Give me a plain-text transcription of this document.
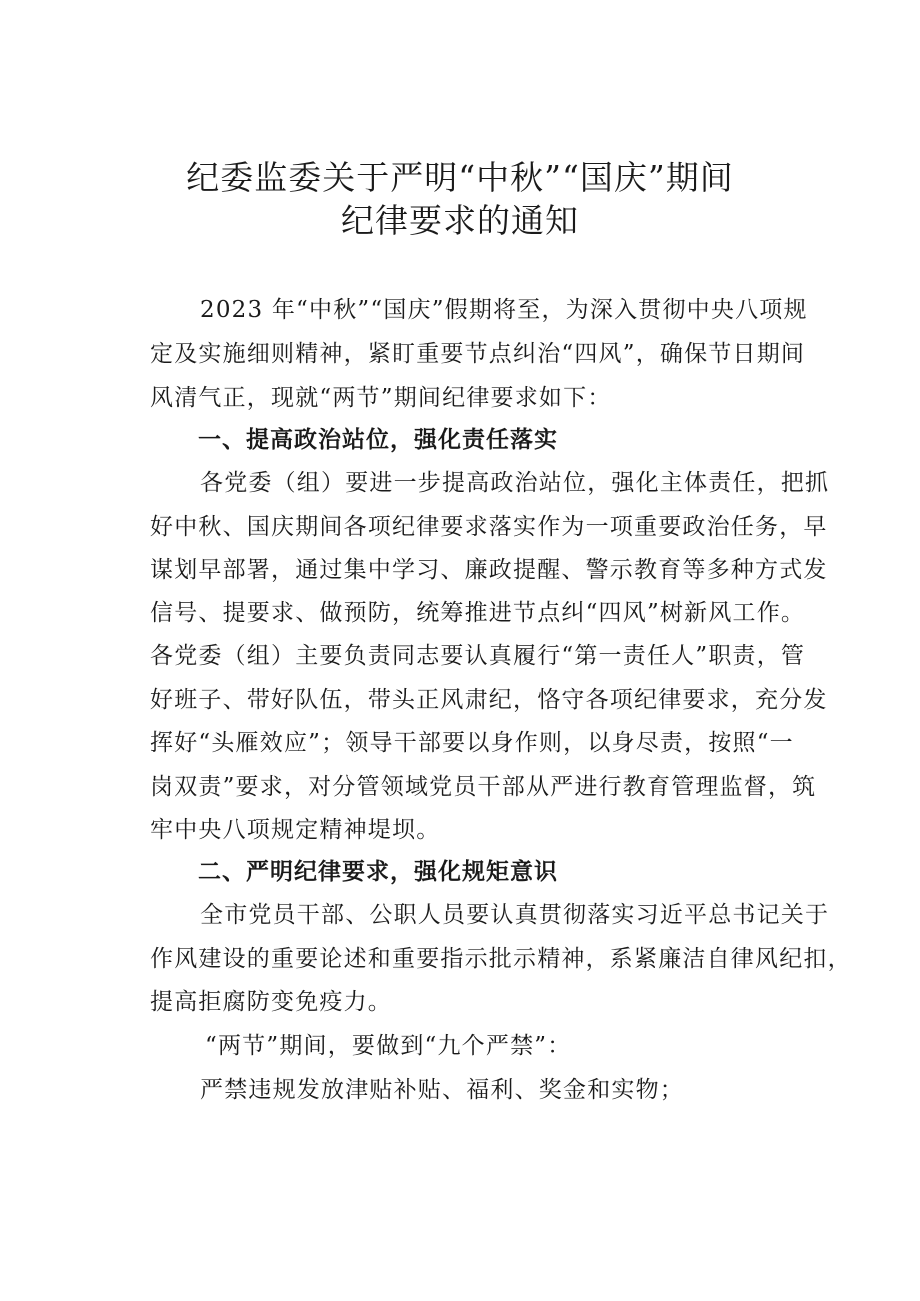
纪委监委关于严明“中秋”“国庆”期间
纪律要求的通知
2023 年“中秋”“国庆”假期将至，为深入贯彻中央八项规
定及实施细则精神，紧盯重要节点纠治“四风”，确保节日期间
风清气正，现就“两节”期间纪律要求如下：
一、提高政治站位，强化责任落实
各党委（组）要进一步提高政治站位，强化主体责任，把抓
好中秋、国庆期间各项纪律要求落实作为一项重要政治任务，早
谋划早部署，通过集中学习、廉政提醒、警示教育等多种方式发
信号、提要求、做预防，统筹推进节点纠“四风”树新风工作。
各党委（组）主要负责同志要认真履行“第一责任人”职责，管
好班子、带好队伍，带头正风肃纪，恪守各项纪律要求，充分发
挥好“头雁效应”；领导干部要以身作则，以身尽责，按照“一
岗双责”要求，对分管领域党员干部从严进行教育管理监督，筑
牢中央八项规定精神堤坝。
二、严明纪律要求，强化规矩意识
全市党员干部、公职人员要认真贯彻落实习近平总书记关于
作风建设的重要论述和重要指示批示精神，系紧廉洁自律风纪扣，
提高拒腐防变免疫力。
“两节”期间，要做到“九个严禁”：
严禁违规发放津贴补贴、福利、奖金和实物；
